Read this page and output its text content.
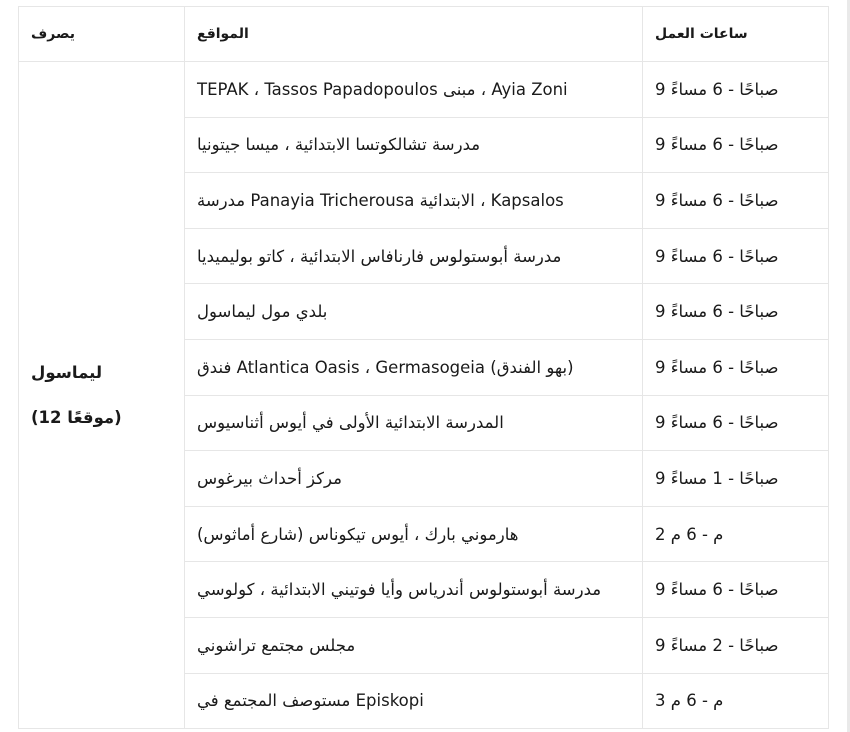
يصرف	المواقع	ساعات العمل

ليماسول
(موقعًا 12)	TEPAK ، Tassos Papadopoulos مبنى ، Ayia Zoni	صباحًا - 6 مساءً 9
	مدرسة تشالكوتسا الابتدائية ، ميسا جيتونيا	صباحًا - 6 مساءً 9
	مدرسة Panayia Tricherousa الابتدائية ، Kapsalos	صباحًا - 6 مساءً 9
	مدرسة أبوستولوس فارنافاس الابتدائية ، كاتو بوليميديا	صباحًا - 6 مساءً 9
	بلدي مول ليماسول	صباحًا - 6 مساءً 9
	فندق Atlantica Oasis ، Germasogeia (بهو الفندق)	صباحًا - 6 مساءً 9
	المدرسة الابتدائية الأولى في أيوس أثناسيوس	صباحًا - 6 مساءً 9
	مركز أحداث بيرغوس	صباحًا - 1 مساءً 9
	هارموني بارك ، أيوس تيكوناس (شارع أماثوس)	م - 6 م 2
	مدرسة أبوستولوس أندرياس وأيا فوتيني الابتدائية ، كولوسي	صباحًا - 6 مساءً 9
	مجلس مجتمع تراشوني	صباحًا - 2 مساءً 9
	مستوصف المجتمع في Episkopi	م - 6 م 3
